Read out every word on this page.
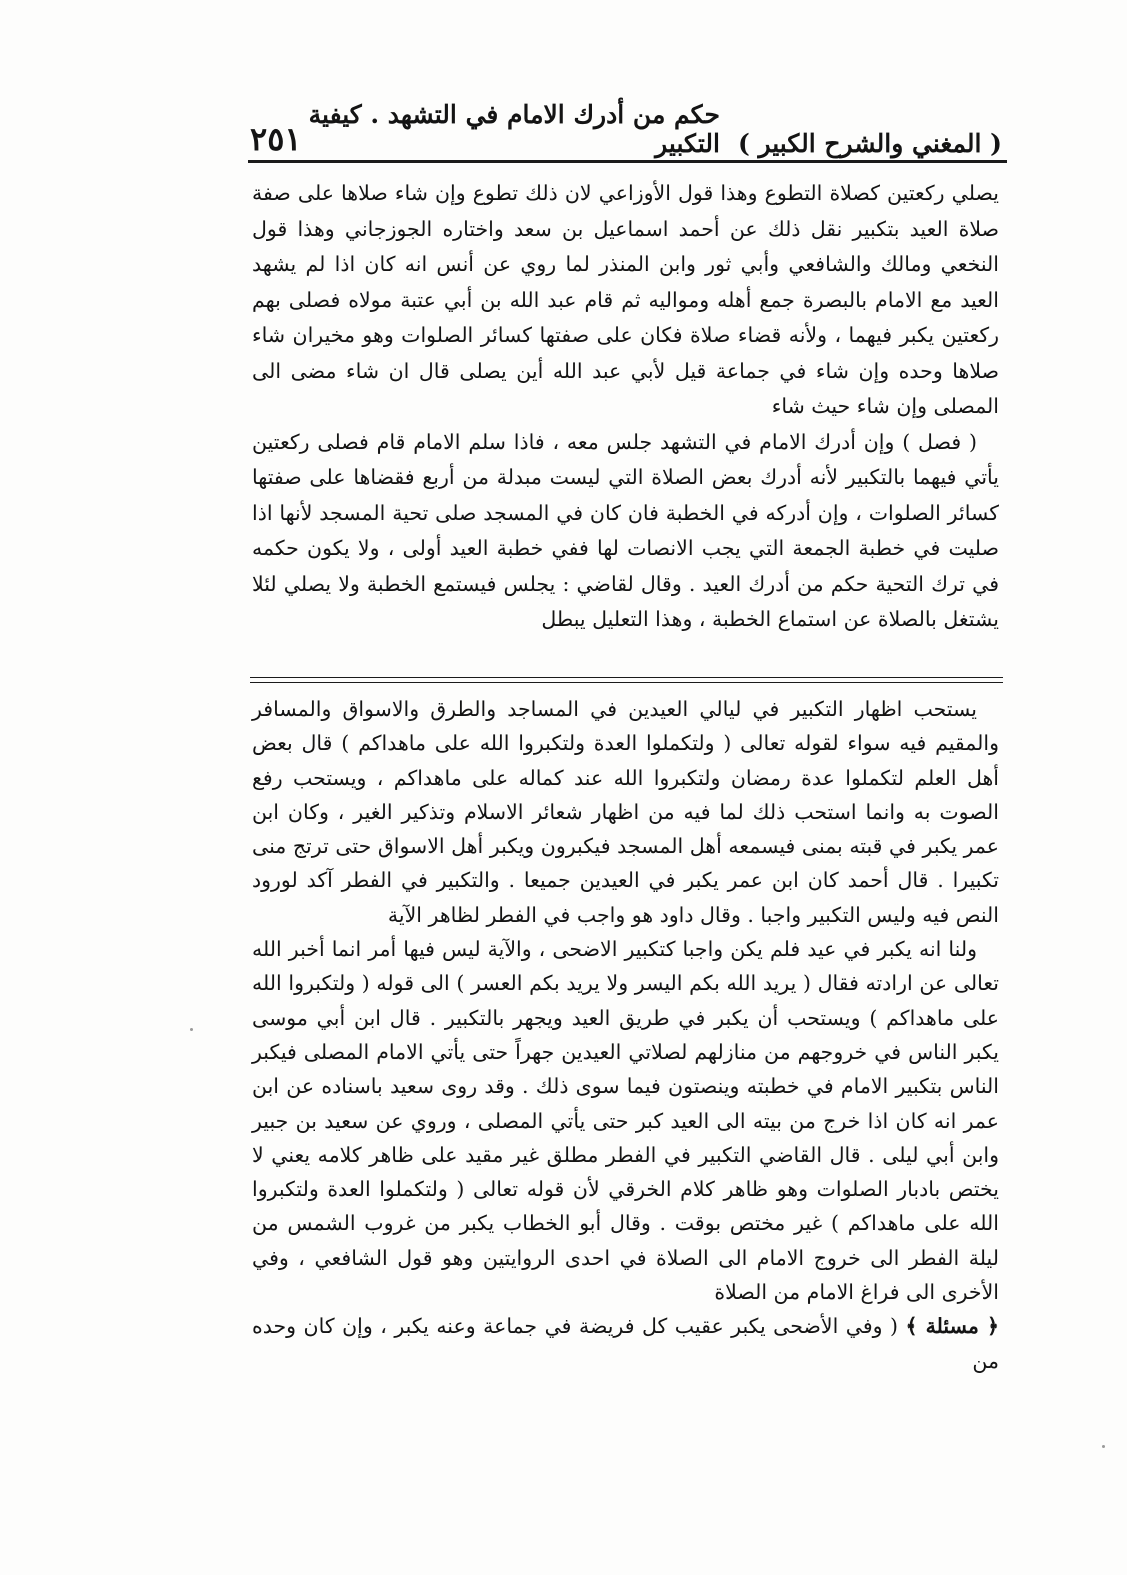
( المغني والشرح الكبير )
حكم من أدرك الامام في التشهد . كيفية التكبير
٢٥١

يصلي ركعتين كصلاة التطوع وهذا قول الأوزاعي لان ذلك تطوع وإن شاء صلاها على صفة صلاة العيد بتكبير نقل ذلك عن أحمد اسماعيل بن سعد واختاره الجوزجاني وهذا قول النخعي ومالك والشافعي وأبي ثور وابن المنذر لما روي عن أنس انه كان اذا لم يشهد العيد مع الامام بالبصرة جمع أهله ومواليه ثم قام عبد الله بن أبي عتبة مولاه فصلى بهم ركعتين يكبر فيهما ، ولأنه قضاء صلاة فكان على صفتها كسائر الصلوات وهو مخيران شاء صلاها وحده وإن شاء في جماعة قيل لأبي عبد الله أين يصلى قال ان شاء مضى الى المصلى وإن شاء حيث شاء

( فصل ) وإن أدرك الامام في التشهد جلس معه ، فاذا سلم الامام قام فصلى ركعتين يأتي فيهما بالتكبير لأنه أدرك بعض الصلاة التي ليست مبدلة من أربع فقضاها على صفتها كسائر الصلوات ، وإن أدركه في الخطبة فان كان في المسجد صلى تحية المسجد لأنها اذا صليت في خطبة الجمعة التي يجب الانصات لها ففي خطبة العيد أولى ، ولا يكون حكمه في ترك التحية حكم من أدرك العيد . وقال لقاضي : يجلس فيستمع الخطبة ولا يصلي لئلا يشتغل بالصلاة عن استماع الخطبة ، وهذا التعليل يبطل

يستحب اظهار التكبير في ليالي العيدين في المساجد والطرق والاسواق والمسافر والمقيم فيه سواء لقوله تعالى ( ولتكملوا العدة ولتكبروا الله على ماهداكم ) قال بعض أهل العلم لتكملوا عدة رمضان ولتكبروا الله عند كماله على ماهداكم ، ويستحب رفع الصوت به وانما استحب ذلك لما فيه من اظهار شعائر الاسلام وتذكير الغير ، وكان ابن عمر يكبر في قبته بمنى فيسمعه أهل المسجد فيكبرون ويكبر أهل الاسواق حتى ترتج منى تكبيرا . قال أحمد كان ابن عمر يكبر في العيدين جميعا . والتكبير في الفطر آكد لورود النص فيه وليس التكبير واجبا . وقال داود هو واجب في الفطر لظاهر الآية

ولنا انه يكبر في عيد فلم يكن واجبا كتكبير الاضحى ، والآية ليس فيها أمر انما أخبر الله تعالى عن ارادته فقال ( يريد الله بكم اليسر ولا يريد بكم العسر ) الى قوله ( ولتكبروا الله على ماهداكم ) ويستحب أن يكبر في طريق العيد ويجهر بالتكبير . قال ابن أبي موسى يكبر الناس في خروجهم من منازلهم لصلاتي العيدين جهراً حتى يأتي الامام المصلى فيكبر الناس بتكبير الامام في خطبته وينصتون فيما سوى ذلك . وقد روى سعيد باسناده عن ابن عمر انه كان اذا خرج من بيته الى العيد كبر حتى يأتي المصلى ، وروي عن سعيد بن جبير وابن أبي ليلى . قال القاضي التكبير في الفطر مطلق غير مقيد على ظاهر كلامه يعني لا يختص بادبار الصلوات وهو ظاهر كلام الخرقي لأن قوله تعالى ( ولتكملوا العدة ولتكبروا الله على ماهداكم ) غير مختص بوقت . وقال أبو الخطاب يكبر من غروب الشمس من ليلة الفطر الى خروج الامام الى الصلاة في احدى الروايتين وهو قول الشافعي ، وفي الأخرى الى فراغ الامام من الصلاة

﴿ مسئلة ﴾ ( وفي الأضحى يكبر عقيب كل فريضة في جماعة وعنه يكبر ، وإن كان وحده من
